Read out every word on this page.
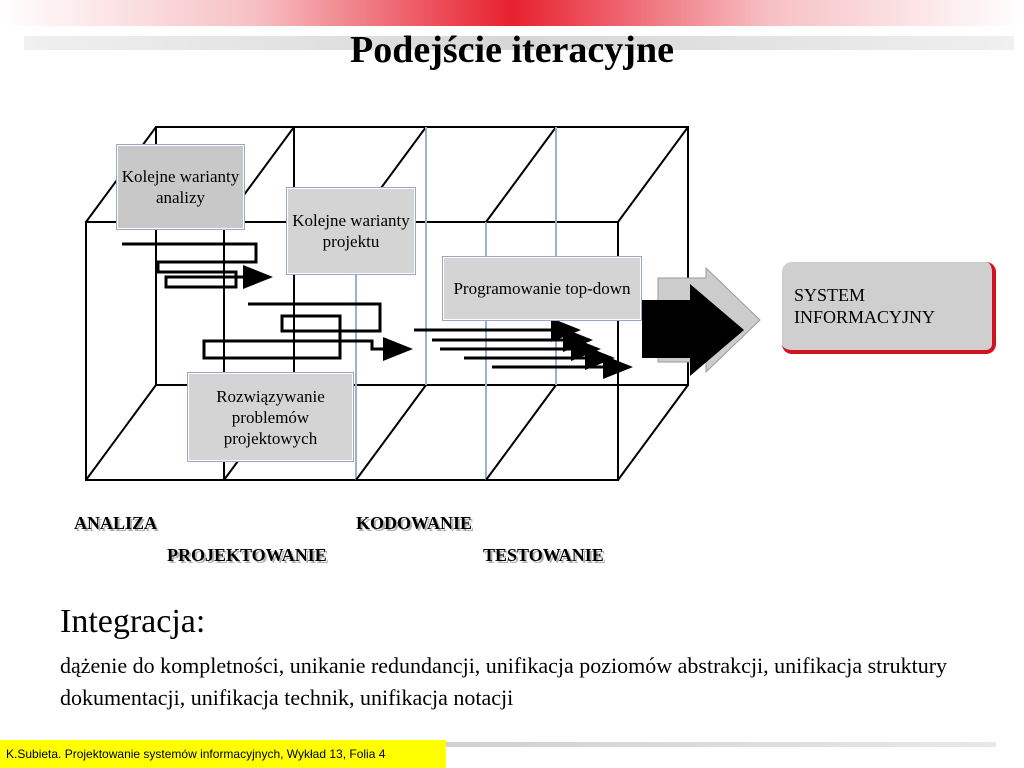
Podejście iteracyjne
Kolejne warianty analizy
Kolejne warianty projektu
Programowanie top-down
Rozwiązywanie problemów projektowych
SYSTEM INFORMACYJNY
ANALIZA
PROJEKTOWANIE
KODOWANIE
TESTOWANIE
Integracja:
dążenie do kompletności, unikanie redundancji, unifikacja poziomów abstrakcji, unifikacja struktury dokumentacji, unifikacja technik, unifikacja notacji
K.Subieta. Projektowanie systemów informacyjnych, Wykład 13, Folia 4
